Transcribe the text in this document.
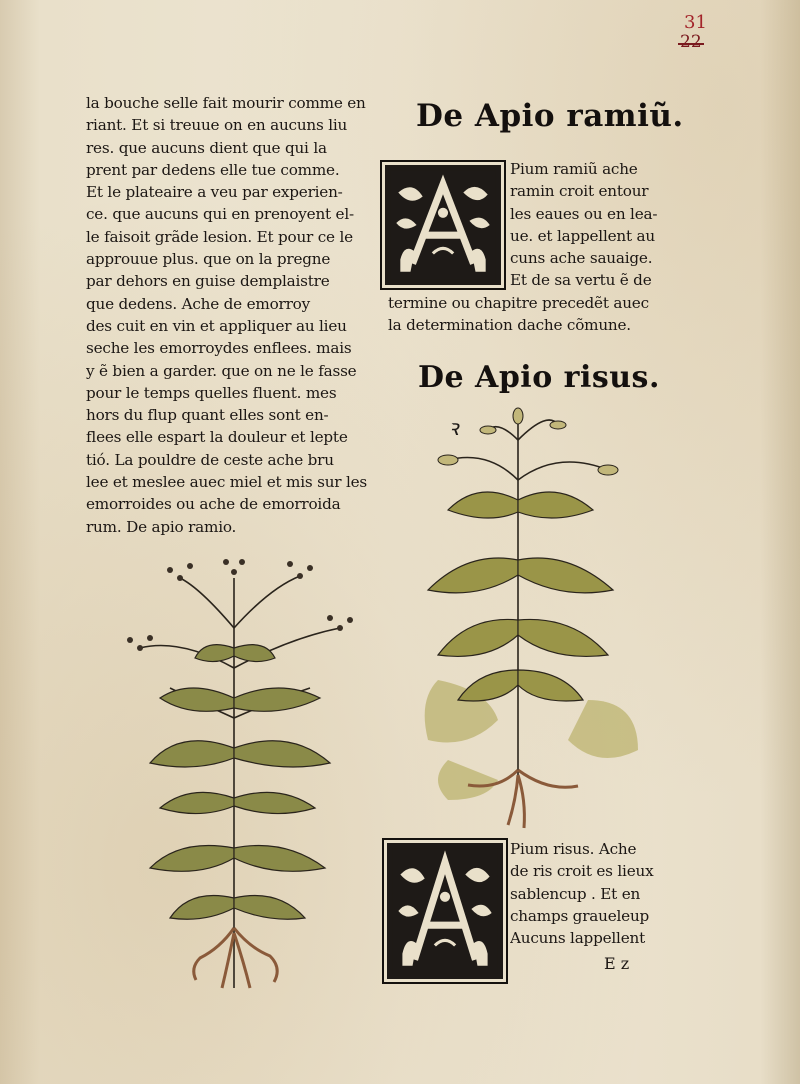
31
22
la bouche selle fait mourir comme en
riant. Et si treuue on en aucuns liu
res. que aucuns dient que qui la
prent par dedens elle tue comme.
Et le plateaire a veu par experien-
ce. que aucuns qui en prenoyent el-
le faisoit grãde lesion. Et pour ce le
approuue plus. que on la pregne
par dehors en guise demplaistre
que dedens. Ache de emorroy
des cuit en vin et appliquer au lieu
seche les emorroydes enflees. mais
y ẽ bien a garder. que on ne le fasse
pour le temps quelles fluent. mes
hors du flup quant elles sont en-
flees elle espart la douleur et lepte
tió. La pouldre de ceste ache bru
lee et meslee auec miel et mis sur les
emorroides ou ache de emorroida
rum. De apio ramio.
De Apio ramiũ.
Pium ramiũ ache
ramin croit entour
les eaues ou en lea-
ue. et lappellent au
cuns ache sauaige.
Et de sa vertu ẽ de
termine ou chapitre precedẽt auec
la determination dache cõmune.
De Apio risus.
ꝛ
Pium risus. Ache
de ris croit es lieux
sablencup . Et en
champs graueleup
Aucuns lappellent
E z
